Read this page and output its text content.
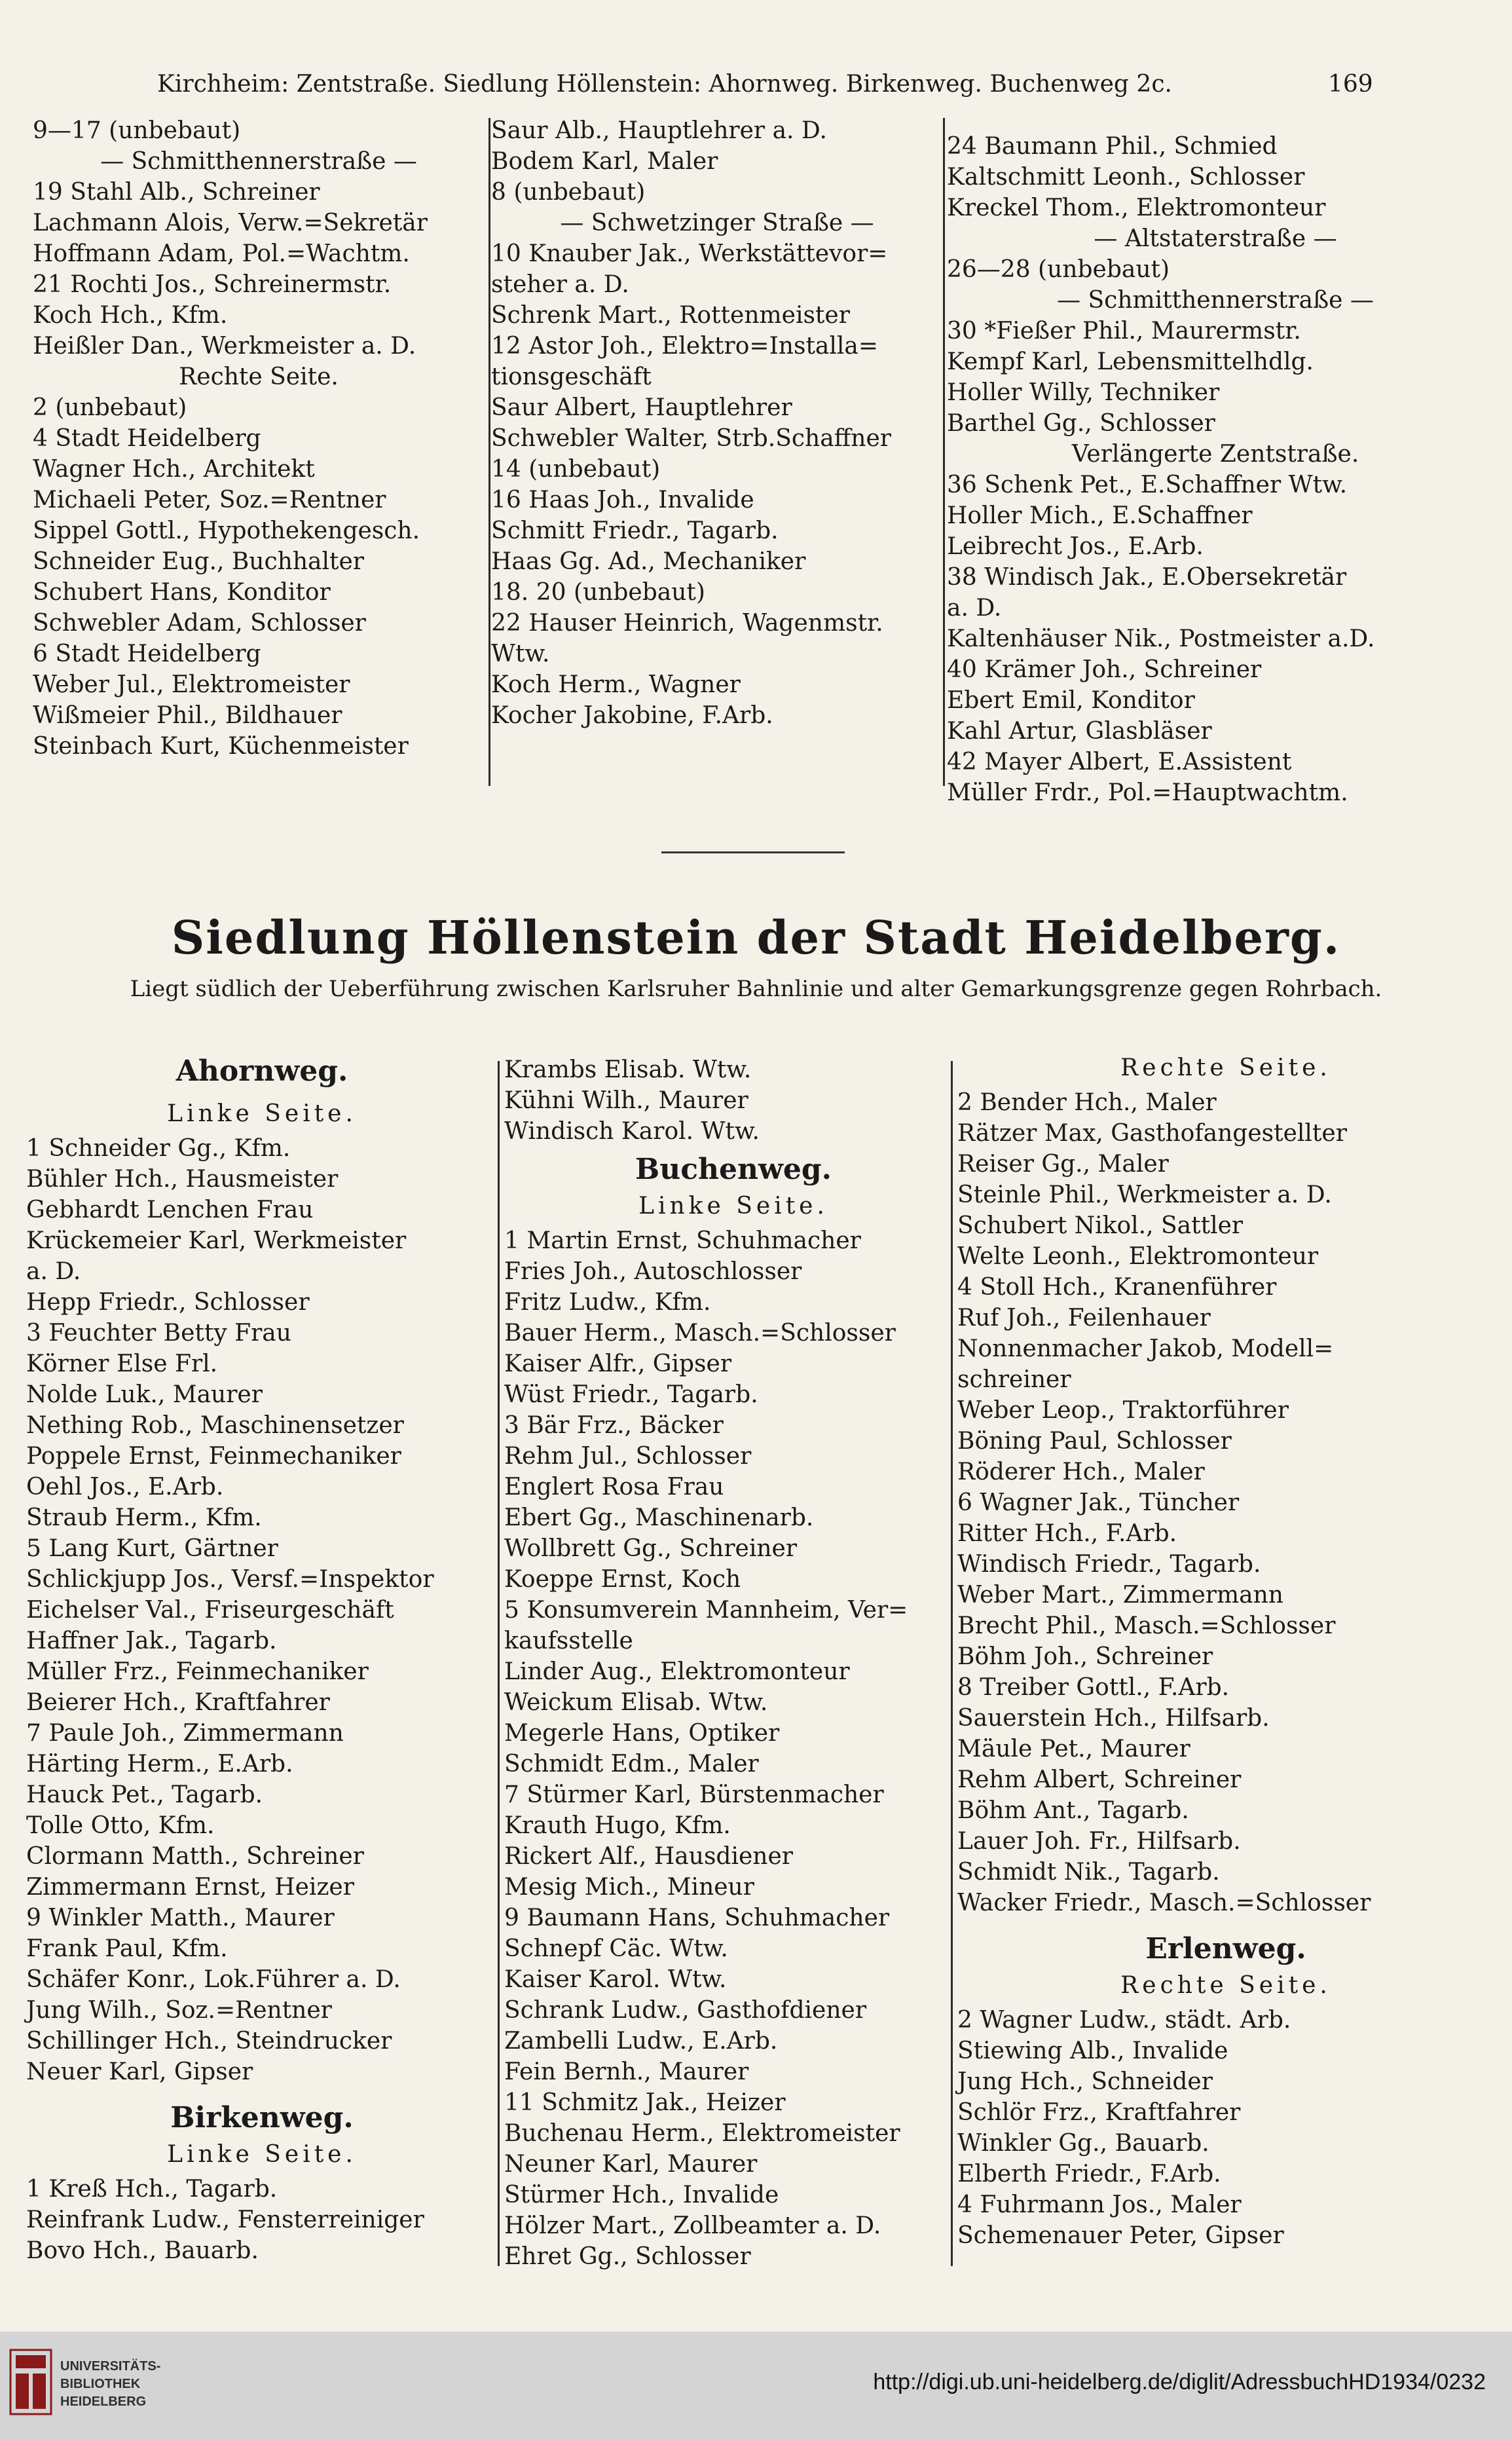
Kirchheim: Zentstraße. Siedlung Höllenstein: Ahornweg. Birkenweg. Buchenweg 2c.	169
9—17 (unbebaut)
— Schmitthennerstraße —
19 Stahl Alb., Schreiner
Lachmann Alois, Verw.=Sekretär
Hoffmann Adam, Pol.=Wachtm.
21 Rochti Jos., Schreinermstr.
Koch Hch., Kfm.
Heißler Dan., Werkmeister a. D.
Rechte Seite.
2 (unbebaut)
4 Stadt Heidelberg
Wagner Hch., Architekt
Michaeli Peter, Soz.=Rentner
Sippel Gottl., Hypothekengesch.
Schneider Eug., Buchhalter
Schubert Hans, Konditor
Schwebler Adam, Schlosser
6 Stadt Heidelberg
Weber Jul., Elektromeister
Wißmeier Phil., Bildhauer
Steinbach Kurt, Küchenmeister
Saur Alb., Hauptlehrer a. D.
Bodem Karl, Maler
8 (unbebaut)
— Schwetzinger Straße —
10 Knauber Jak., Werkstättevor=
steher a. D.
Schrenk Mart., Rottenmeister
12 Astor Joh., Elektro=Installa=
tionsgeschäft
Saur Albert, Hauptlehrer
Schwebler Walter, Strb.Schaffner
14 (unbebaut)
16 Haas Joh., Invalide
Schmitt Friedr., Tagarb.
Haas Gg. Ad., Mechaniker
18. 20 (unbebaut)
22 Hauser Heinrich, Wagenmstr.
Wtw.
Koch Herm., Wagner
Kocher Jakobine, F.Arb.
24 Baumann Phil., Schmied
Kaltschmitt Leonh., Schlosser
Kreckel Thom., Elektromonteur
— Altstaterstraße —
26—28 (unbebaut)
— Schmitthennerstraße —
30 *Fießer Phil., Maurermstr.
Kempf Karl, Lebensmittelhdlg.
Holler Willy, Techniker
Barthel Gg., Schlosser
Verlängerte Zentstraße.
36 Schenk Pet., E.Schaffner Wtw.
Holler Mich., E.Schaffner
Leibrecht Jos., E.Arb.
38 Windisch Jak., E.Obersekretär
a. D.
Kaltenhäuser Nik., Postmeister a.D.
40 Krämer Joh., Schreiner
Ebert Emil, Konditor
Kahl Artur, Glasbläser
42 Mayer Albert, E.Assistent
Müller Frdr., Pol.=Hauptwachtm.
Siedlung Höllenstein der Stadt Heidelberg.
Liegt südlich der Ueberführung zwischen Karlsruher Bahnlinie und alter Gemarkungsgrenze gegen Rohrbach.
Ahornweg.
Linke Seite.
1 Schneider Gg., Kfm.
Bühler Hch., Hausmeister
Gebhardt Lenchen Frau
Krückemeier Karl, Werkmeister
a. D.
Hepp Friedr., Schlosser
3 Feuchter Betty Frau
Körner Else Frl.
Nolde Luk., Maurer
Nething Rob., Maschinensetzer
Poppele Ernst, Feinmechaniker
Oehl Jos., E.Arb.
Straub Herm., Kfm.
5 Lang Kurt, Gärtner
Schlickjupp Jos., Versf.=Inspektor
Eichelser Val., Friseurgeschäft
Haffner Jak., Tagarb.
Müller Frz., Feinmechaniker
Beierer Hch., Kraftfahrer
7 Paule Joh., Zimmermann
Härting Herm., E.Arb.
Hauck Pet., Tagarb.
Tolle Otto, Kfm.
Clormann Matth., Schreiner
Zimmermann Ernst, Heizer
9 Winkler Matth., Maurer
Frank Paul, Kfm.
Schäfer Konr., Lok.Führer a. D.
Jung Wilh., Soz.=Rentner
Schillinger Hch., Steindrucker
Neuer Karl, Gipser
Birkenweg.
Linke Seite.
1 Kreß Hch., Tagarb.
Reinfrank Ludw., Fensterreiniger
Bovo Hch., Bauarb.
Krambs Elisab. Wtw.
Kühni Wilh., Maurer
Windisch Karol. Wtw.
Buchenweg.
Linke Seite.
1 Martin Ernst, Schuhmacher
Fries Joh., Autoschlosser
Fritz Ludw., Kfm.
Bauer Herm., Masch.=Schlosser
Kaiser Alfr., Gipser
Wüst Friedr., Tagarb.
3 Bär Frz., Bäcker
Rehm Jul., Schlosser
Englert Rosa Frau
Ebert Gg., Maschinenarb.
Wollbrett Gg., Schreiner
Koeppe Ernst, Koch
5 Konsumverein Mannheim, Ver=
kaufsstelle
Linder Aug., Elektromonteur
Weickum Elisab. Wtw.
Megerle Hans, Optiker
Schmidt Edm., Maler
7 Stürmer Karl, Bürstenmacher
Krauth Hugo, Kfm.
Rickert Alf., Hausdiener
Mesig Mich., Mineur
9 Baumann Hans, Schuhmacher
Schnepf Cäc. Wtw.
Kaiser Karol. Wtw.
Schrank Ludw., Gasthofdiener
Zambelli Ludw., E.Arb.
Fein Bernh., Maurer
11 Schmitz Jak., Heizer
Buchenau Herm., Elektromeister
Neuner Karl, Maurer
Stürmer Hch., Invalide
Hölzer Mart., Zollbeamter a. D.
Ehret Gg., Schlosser
Rechte Seite.
2 Bender Hch., Maler
Rätzer Max, Gasthofangestellter
Reiser Gg., Maler
Steinle Phil., Werkmeister a. D.
Schubert Nikol., Sattler
Welte Leonh., Elektromonteur
4 Stoll Hch., Kranenführer
Ruf Joh., Feilenhauer
Nonnenmacher Jakob, Modell=
schreiner
Weber Leop., Traktorführer
Böning Paul, Schlosser
Röderer Hch., Maler
6 Wagner Jak., Tüncher
Ritter Hch., F.Arb.
Windisch Friedr., Tagarb.
Weber Mart., Zimmermann
Brecht Phil., Masch.=Schlosser
Böhm Joh., Schreiner
8 Treiber Gottl., F.Arb.
Sauerstein Hch., Hilfsarb.
Mäule Pet., Maurer
Rehm Albert, Schreiner
Böhm Ant., Tagarb.
Lauer Joh. Fr., Hilfsarb.
Schmidt Nik., Tagarb.
Wacker Friedr., Masch.=Schlosser
Erlenweg.
Rechte Seite.
2 Wagner Ludw., städt. Arb.
Stiewing Alb., Invalide
Jung Hch., Schneider
Schlör Frz., Kraftfahrer
Winkler Gg., Bauarb.
Elberth Friedr., F.Arb.
4 Fuhrmann Jos., Maler
Schemenauer Peter, Gipser
UNIVERSITÄTS-
BIBLIOTHEK
HEIDELBERG
http://digi.ub.uni-heidelberg.de/diglit/AdressbuchHD1934/0232
